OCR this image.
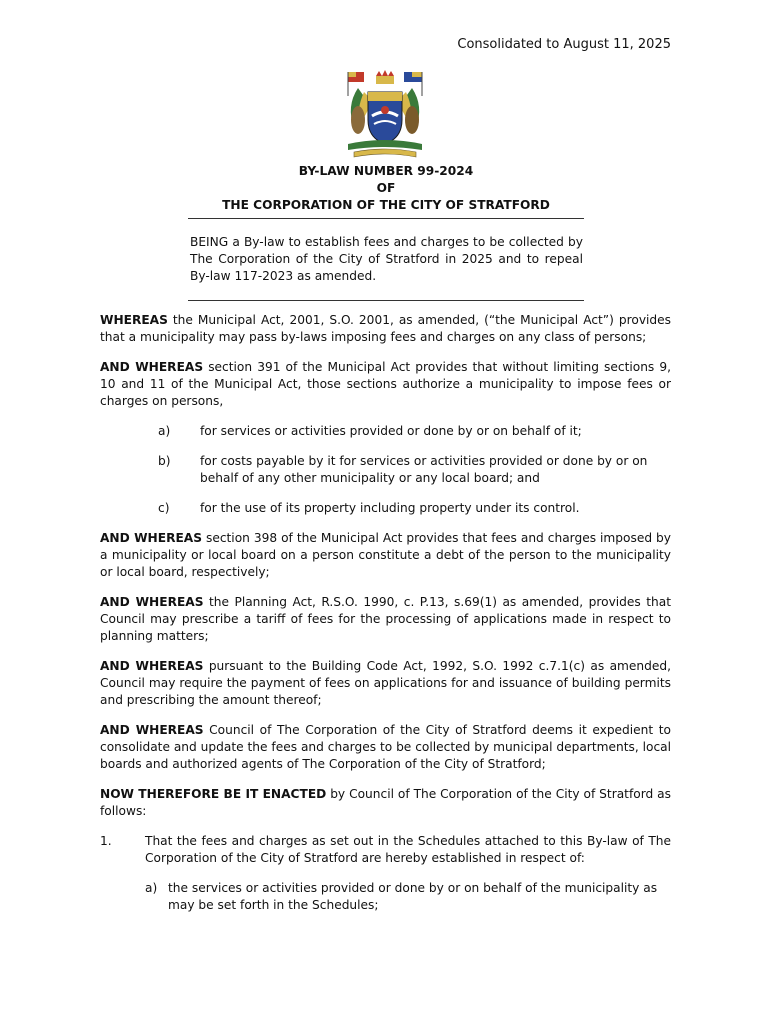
Consolidated to August 11, 2025
BY-LAW NUMBER 99-2024
OF
THE CORPORATION OF THE CITY OF STRATFORD
BEING a By-law to establish fees and charges to be collected by The Corporation of the City of Stratford in 2025 and to repeal By-law 117-2023 as amended.

WHEREAS the Municipal Act, 2001, S.O. 2001, as amended, (“the Municipal Act”) provides that a municipality may pass by-laws imposing fees and charges on any class of persons;

AND WHEREAS section 391 of the Municipal Act provides that without limiting sections 9, 10 and 11 of the Municipal Act, those sections authorize a municipality to impose fees or charges on persons,

a)	for services or activities provided or done by or on behalf of it;
b)	for costs payable by it for services or activities provided or done by or on behalf of any other municipality or any local board; and
c)	for the use of its property including property under its control.

AND WHEREAS section 398 of the Municipal Act provides that fees and charges imposed by a municipality or local board on a person constitute a debt of the person to the municipality or local board, respectively;

AND WHEREAS the Planning Act, R.S.O. 1990, c. P.13, s.69(1) as amended, provides that Council may prescribe a tariff of fees for the processing of applications made in respect to planning matters;

AND WHEREAS pursuant to the Building Code Act, 1992, S.O. 1992 c.7.1(c) as amended, Council may require the payment of fees on applications for and issuance of building permits and prescribing the amount thereof;

AND WHEREAS Council of The Corporation of the City of Stratford deems it expedient to consolidate and update the fees and charges to be collected by municipal departments, local boards and authorized agents of The Corporation of the City of Stratford;

NOW THEREFORE BE IT ENACTED by Council of The Corporation of the City of Stratford as follows:

1.	That the fees and charges as set out in the Schedules attached to this By-law of The Corporation of the City of Stratford are hereby established in respect of:
a) the services or activities provided or done by or on behalf of the municipality as may be set forth in the Schedules;
